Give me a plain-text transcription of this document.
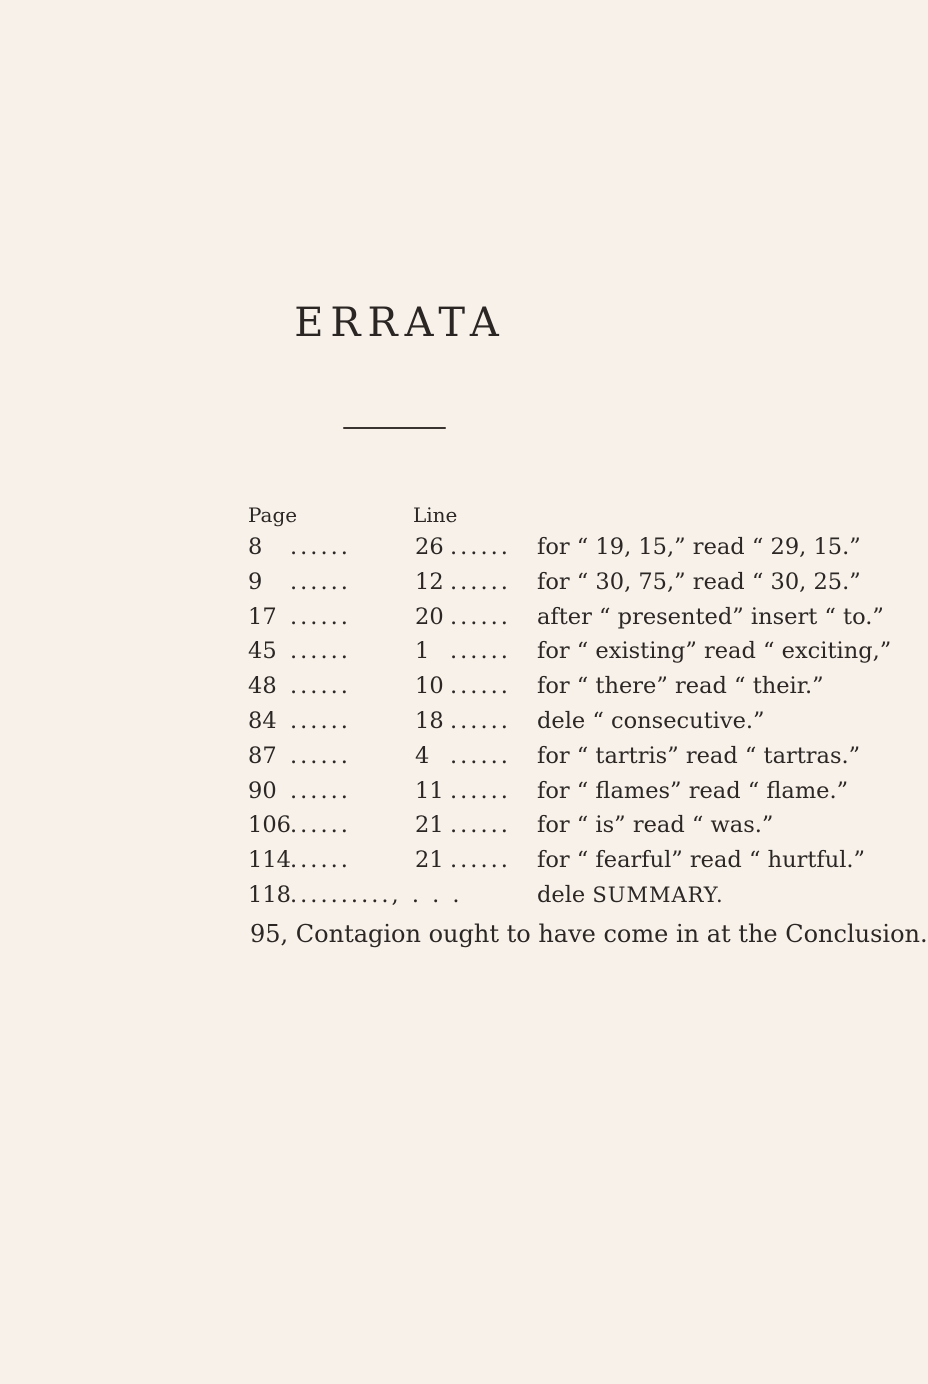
ERRATA
Page	Line
8 ......	26 ...... for “ 19, 15,” read “ 29, 15.”
9 ......	12 ...... for “ 30, 75,” read “ 30, 25.”
17 ......	20 ...... after “ presented” insert “ to.”
45 ......	1 ...... for “ existing” read “ exciting,”
48 ......	10 ...... for “ there” read “ their.”
84 ......	18 ...... dele “ consecutive.”
87 ......	4 ...... for “ tartris” read “ tartras.”
90 ......	11 ...... for “ flames” read “ flame.”
106 ......	21 ...... for “ is” read “ was.”
114 ......	21 ...... for “ fearful” read “ hurtful.”
118 .........., . . .	dele SUMMARY.
95, Contagion ought to have come in at the Conclusion.
